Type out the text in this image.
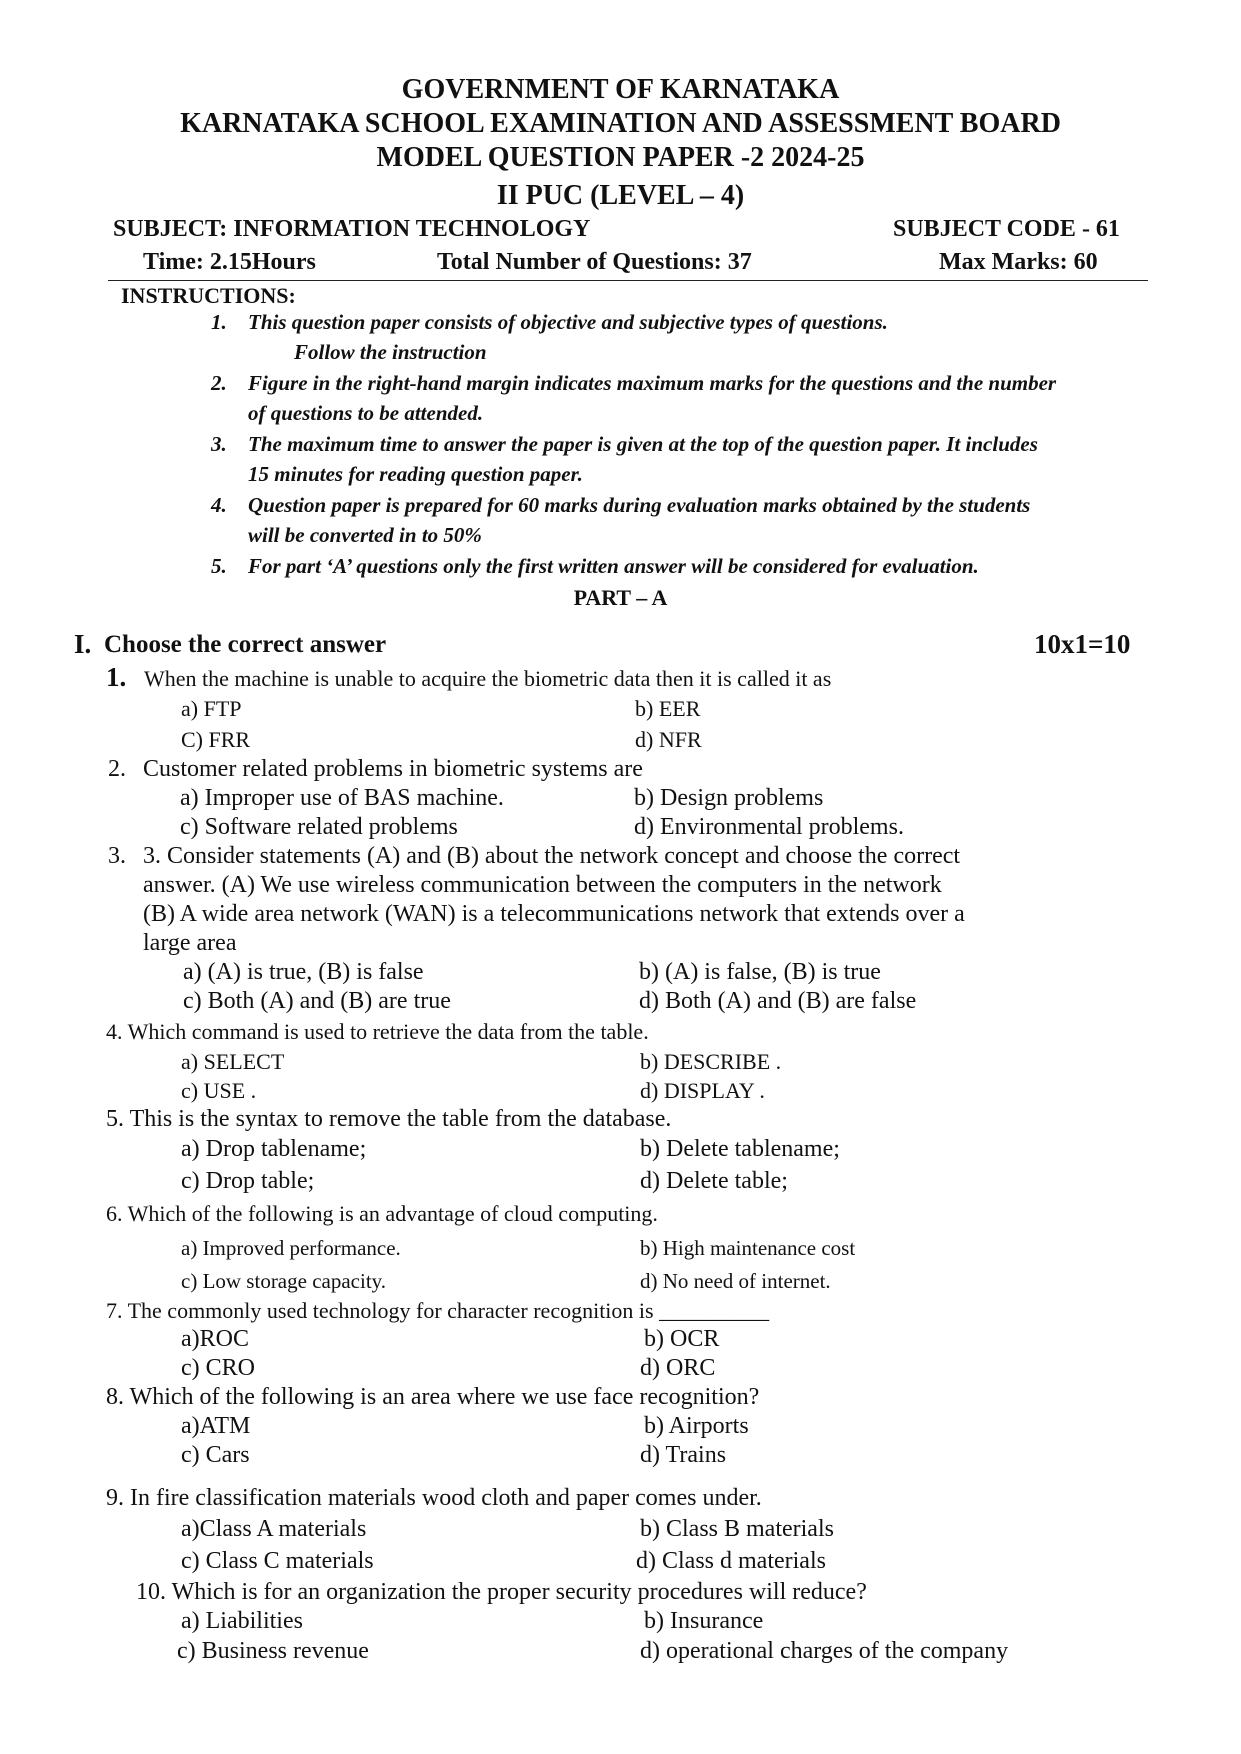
GOVERNMENT OF KARNATAKA
KARNATAKA SCHOOL EXAMINATION AND ASSESSMENT BOARD
MODEL QUESTION PAPER -2 2024-25
II PUC (LEVEL – 4)
SUBJECT: INFORMATION TECHNOLOGY	SUBJECT CODE - 61
Time: 2.15Hours	Total Number of Questions: 37	Max Marks: 60
INSTRUCTIONS:
1. This question paper consists of objective and subjective types of questions.
Follow the instruction
2. Figure in the right-hand margin indicates maximum marks for the questions and the number
of questions to be attended.
3. The maximum time to answer the paper is given at the top of the question paper. It includes
15 minutes for reading question paper.
4. Question paper is prepared for 60 marks during evaluation marks obtained by the students
will be converted in to 50%
5. For part ‘A’ questions only the first written answer will be considered for evaluation.
PART – A
I. Choose the correct answer	10x1=10
1. When the machine is unable to acquire the biometric data then it is called it as
a) FTP	b) EER
C) FRR	d) NFR
2. Customer related problems in biometric systems are
a) Improper use of BAS machine.	b) Design problems
c) Software related problems	d) Environmental problems.
3. 3. Consider statements (A) and (B) about the network concept and choose the correct
answer. (A) We use wireless communication between the computers in the network
(B) A wide area network (WAN) is a telecommunications network that extends over a
large area
a) (A) is true, (B) is false	b) (A) is false, (B) is true
c) Both (A) and (B) are true	d) Both (A) and (B) are false
4. Which command is used to retrieve the data from the table.
a) SELECT	b) DESCRIBE .
c) USE .	d) DISPLAY .
5. This is the syntax to remove the table from the database.
a) Drop tablename;	b) Delete tablename;
c) Drop table;	d) Delete table;
6. Which of the following is an advantage of cloud computing.
a) Improved performance.	b) High maintenance cost
c) Low storage capacity.	d) No need of internet.
7. The commonly used technology for character recognition is __________
a)ROC	b) OCR
c) CRO	d) ORC
8. Which of the following is an area where we use face recognition?
a)ATM	b) Airports
c) Cars	d) Trains
9. In fire classification materials wood cloth and paper comes under.
a)Class A materials	b) Class B materials
c) Class C materials	d) Class d materials
10. Which is for an organization the proper security procedures will reduce?
a) Liabilities	b) Insurance
c) Business revenue	d) operational charges of the company
